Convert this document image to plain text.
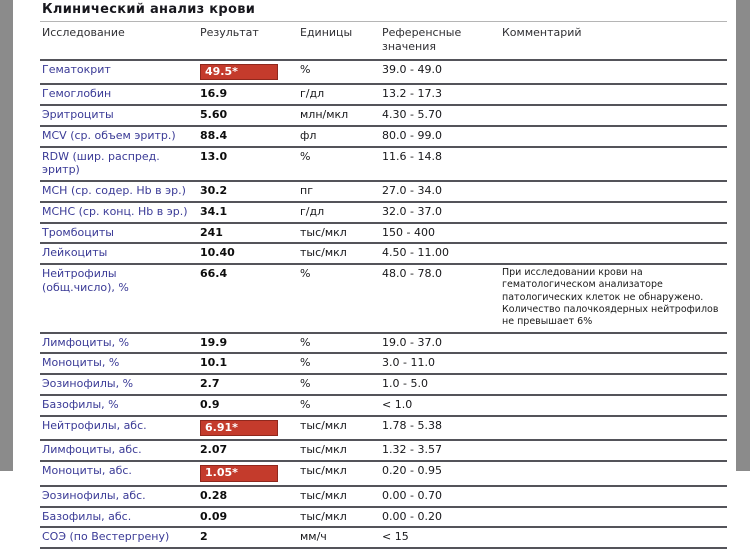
Клинический анализ крови
Исследование	Результат	Единицы	Референсные значения	Комментарий
Гематокрит	49.5*	%	39.0 - 49.0	
Гемоглобин	16.9	г/дл	13.2 - 17.3	
Эритроциты	5.60	млн/мкл	4.30 - 5.70	
MCV (ср. объем эритр.)	88.4	фл	80.0 - 99.0	
RDW (шир. распред. эритр)	13.0	%	11.6 - 14.8	
MCH (ср. содер. Hb в эр.)	30.2	пг	27.0 - 34.0	
MCHC (ср. конц. Hb в эр.)	34.1	г/дл	32.0 - 37.0	
Тромбоциты	241	тыс/мкл	150 - 400	
Лейкоциты	10.40	тыс/мкл	4.50 - 11.00	
Нейтрофилы (общ.число), %	66.4	%	48.0 - 78.0	При исследовании крови на гематологическом анализаторе патологических клеток не обнаружено. Количество палочкоядерных нейтрофилов не превышает 6%
Лимфоциты, %	19.9	%	19.0 - 37.0	
Моноциты, %	10.1	%	3.0 - 11.0	
Эозинофилы, %	2.7	%	1.0 - 5.0	
Базофилы, %	0.9	%	< 1.0	
Нейтрофилы, абс.	6.91*	тыс/мкл	1.78 - 5.38	
Лимфоциты, абс.	2.07	тыс/мкл	1.32 - 3.57	
Моноциты, абс.	1.05*	тыс/мкл	0.20 - 0.95	
Эозинофилы, абс.	0.28	тыс/мкл	0.00 - 0.70	
Базофилы, абс.	0.09	тыс/мкл	0.00 - 0.20	
СОЭ (по Вестергрену)	2	мм/ч	< 15	
